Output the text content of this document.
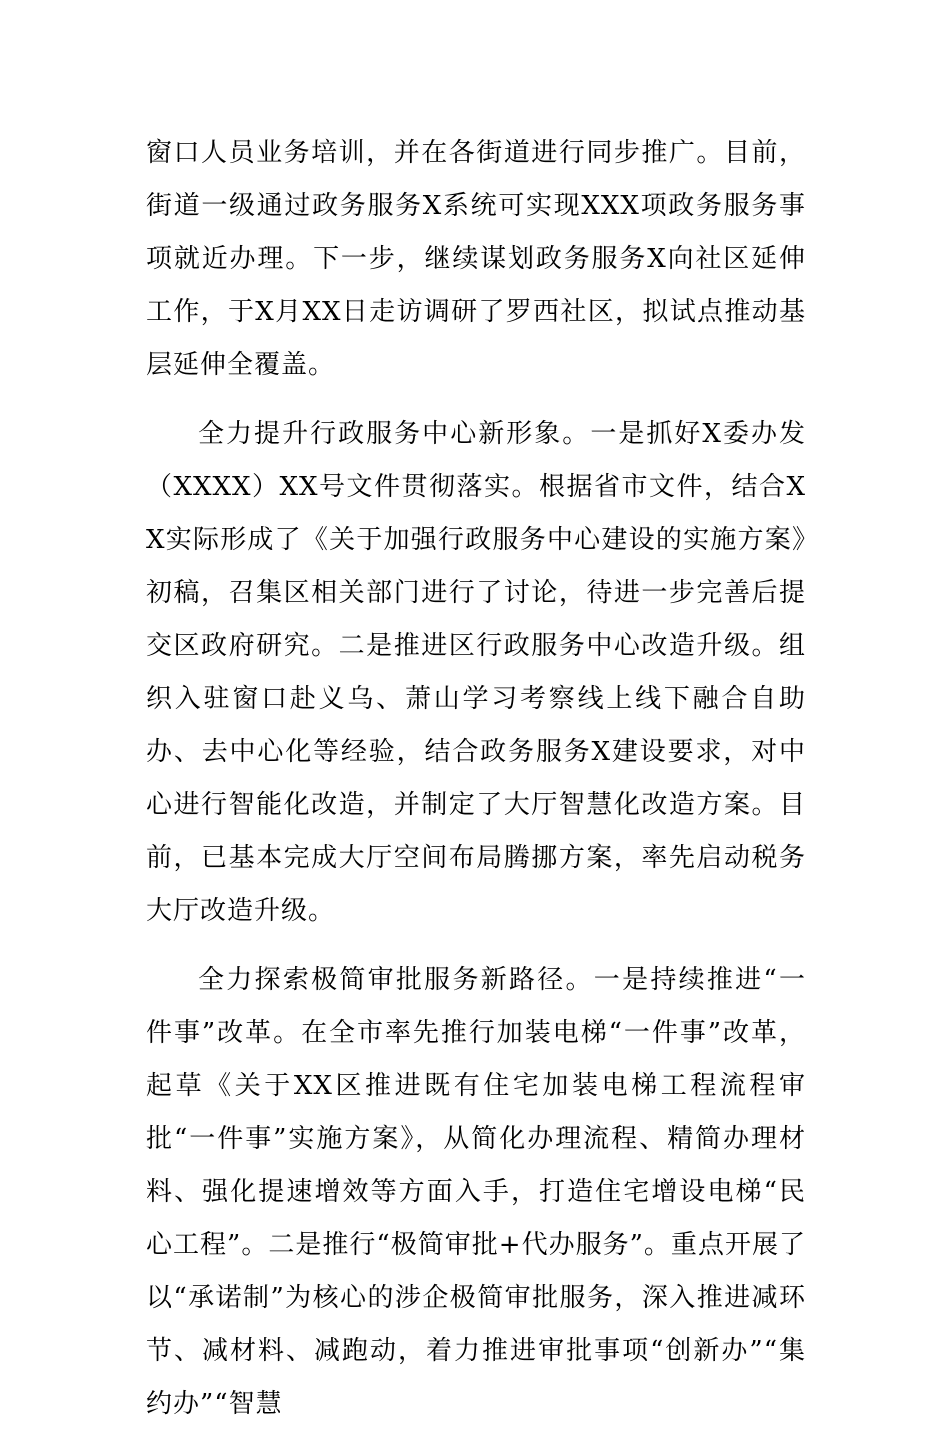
窗口人员业务培训，并在各街道进行同步推广。目前，街道一级通过政务服务X系统可实现XXX项政务服务事项就近办理。下一步，继续谋划政务服务X向社区延伸工作，于X月XX日走访调研了罗西社区，拟试点推动基层延伸全覆盖。

全力提升行政服务中心新形象。一是抓好X委办发（XXXX）XX号文件贯彻落实。根据省市文件，结合XX实际形成了《关于加强行政服务中心建设的实施方案》初稿，召集区相关部门进行了讨论，待进一步完善后提交区政府研究。二是推进区行政服务中心改造升级。组织入驻窗口赴义乌、萧山学习考察线上线下融合自助办、去中心化等经验，结合政务服务X建设要求，对中心进行智能化改造，并制定了大厅智慧化改造方案。目前，已基本完成大厅空间布局腾挪方案，率先启动税务大厅改造升级。

全力探索极简审批服务新路径。一是持续推进“一件事”改革。在全市率先推行加装电梯“一件事”改革，起草《关于XX区推进既有住宅加装电梯工程流程审批“一件事”实施方案》，从简化办理流程、精简办理材料、强化提速增效等方面入手，打造住宅增设电梯“民心工程”。二是推行“极简审批+代办服务”。重点开展了以“承诺制”为核心的涉企极简审批服务，深入推进减环节、减材料、减跑动，着力推进审批事项“创新办”“集约办”“智慧
